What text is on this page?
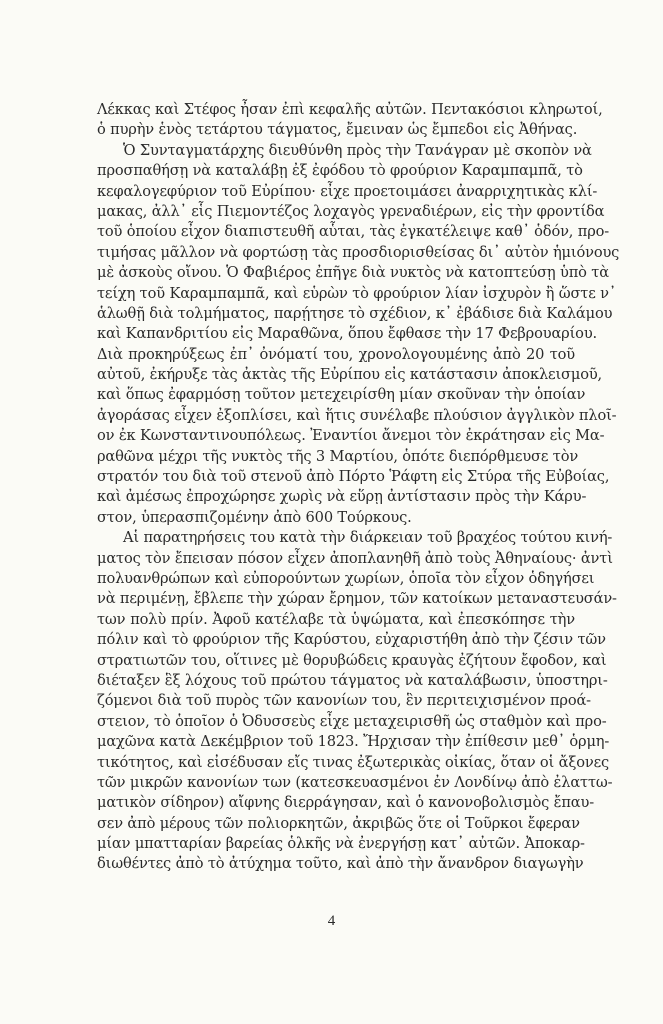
Λέκκας καὶ Στέφος ἦσαν ἐπὶ κεφαλῆς αὐτῶν. Πεντακόσιοι κληρωτοί,
ὁ πυρὴν ἑνὸς τετάρτου τάγματος, ἔμειναν ὡς ἔμπεδοι εἰς Ἀθήνας.
Ὁ Συνταγματάρχης διευθύνθη πρὸς τὴν Τανάγραν μὲ σκοπὸν νὰ
προσπαθήσῃ νὰ καταλάβῃ ἐξ ἐφόδου τὸ φρούριον Καραμπαμπᾶ, τὸ
κεφαλογεφύριον τοῦ Εὐρίπου· εἶχε προετοιμάσει ἀναρριχητικὰς κλί-
μακας, ἀλλ᾽ εἷς Πιεμοντέζος λοχαγὸς γρεναδιέρων, εἰς τὴν φροντίδα
τοῦ ὁποίου εἶχον διαπιστευθῆ αὗται, τὰς ἐγκατέλειψε καθ᾽ ὁδόν, προ-
τιμήσας μᾶλλον νὰ φορτώσῃ τὰς προσδιορισθείσας δι᾽ αὐτὸν ἡμιόνους
μὲ ἀσκοὺς οἴνου. Ὁ Φαβιέρος ἐπῆγε διὰ νυκτὸς νὰ κατοπτεύσῃ ὑπὸ τὰ
τείχη τοῦ Καραμπαμπᾶ, καὶ εὑρὼν τὸ φρούριον λίαν ἰσχυρὸν ἢ ὥστε ν᾽
ἁλωθῇ διὰ τολμήματος, παρῄτησε τὸ σχέδιον, κ᾽ ἐβάδισε διὰ Καλάμου
καὶ Καπανδριτίου εἰς Μαραθῶνα, ὅπου ἔφθασε τὴν 17 Φεβρουαρίου.
Διὰ προκηρύξεως ἐπ᾽ ὀνόματί του, χρονολογουμένης ἀπὸ 20 τοῦ
αὐτοῦ, ἐκήρυξε τὰς ἀκτὰς τῆς Εὐρίπου εἰς κατάστασιν ἀποκλεισμοῦ,
καὶ ὅπως ἐφαρμόσῃ τοῦτον μετεχειρίσθη μίαν σκοῦναν τὴν ὁποίαν
ἀγοράσας εἶχεν ἐξοπλίσει, καὶ ἥτις συνέλαβε πλούσιον ἀγγλικὸν πλοῖ-
ον ἐκ Κωνσταντινουπόλεως. Ἐναντίοι ἄνεμοι τὸν ἐκράτησαν εἰς Μα-
ραθῶνα μέχρι τῆς νυκτὸς τῆς 3 Μαρτίου, ὁπότε διεπόρθμευσε τὸν
στρατόν του διὰ τοῦ στενοῦ ἀπὸ Πόρτο Ῥάφτη εἰς Στύρα τῆς Εὐβοίας,
καὶ ἀμέσως ἐπροχώρησε χωρὶς νὰ εὕρῃ ἀντίστασιν πρὸς τὴν Κάρυ-
στον, ὑπερασπιζομένην ἀπὸ 600 Τούρκους.
Αἱ παρατηρήσεις του κατὰ τὴν διάρκειαν τοῦ βραχέος τούτου κινή-
ματος τὸν ἔπεισαν πόσον εἶχεν ἀποπλανηθῆ ἀπὸ τοὺς Ἀθηναίους· ἀντὶ
πολυανθρώπων καὶ εὐπορούντων χωρίων, ὁποῖα τὸν εἶχον ὁδηγήσει
νὰ περιμένῃ, ἔβλεπε τὴν χώραν ἔρημον, τῶν κατοίκων μεταναστευσάν-
των πολὺ πρίν. Ἀφοῦ κατέλαβε τὰ ὑψώματα, καὶ ἐπεσκόπησε τὴν
πόλιν καὶ τὸ φρούριον τῆς Καρύστου, εὐχαριστήθη ἀπὸ τὴν ζέσιν τῶν
στρατιωτῶν του, οἵτινες μὲ θορυβώδεις κραυγὰς ἐζήτουν ἔφοδον, καὶ
διέταξεν ἓξ λόχους τοῦ πρώτου τάγματος νὰ καταλάβωσιν, ὑποστηρι-
ζόμενοι διὰ τοῦ πυρὸς τῶν κανονίων του, ἓν περιτειχισμένον προά-
στειον, τὸ ὁποῖον ὁ Ὀδυσσεὺς εἶχε μεταχειρισθῆ ὡς σταθμὸν καὶ προ-
μαχῶνα κατὰ Δεκέμβριον τοῦ 1823. Ἤρχισαν τὴν ἐπίθεσιν μεθ᾽ ὁρμη-
τικότητος, καὶ εἰσέδυσαν εἴς τινας ἐξωτερικὰς οἰκίας, ὅταν οἱ ἄξονες
τῶν μικρῶν κανονίων των (κατεσκευασμένοι ἐν Λονδίνῳ ἀπὸ ἐλαττω-
ματικὸν σίδηρον) αἴφνης διερράγησαν, καὶ ὁ κανονοβολισμὸς ἔπαυ-
σεν ἀπὸ μέρους τῶν πολιορκητῶν, ἀκριβῶς ὅτε οἱ Τοῦρκοι ἔφεραν
μίαν μπατταρίαν βαρείας ὁλκῆς νὰ ἐνεργήσῃ κατ᾽ αὐτῶν. Ἀποκαρ-
διωθέντες ἀπὸ τὸ ἀτύχημα τοῦτο, καὶ ἀπὸ τὴν ἄνανδρον διαγωγὴν
4
